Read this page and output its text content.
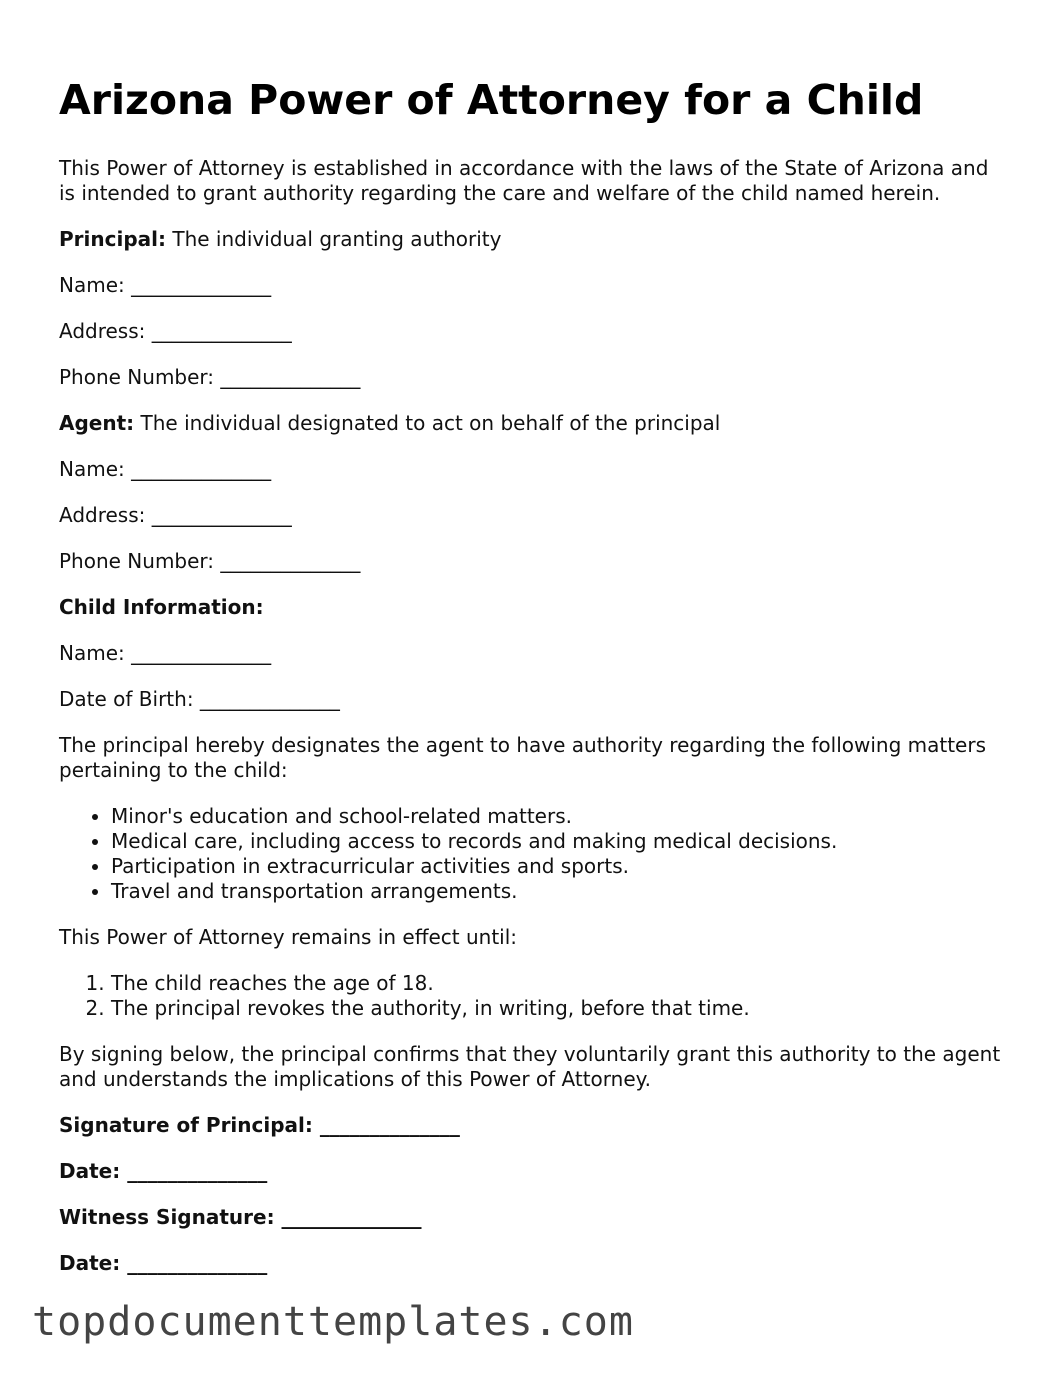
Arizona Power of Attorney for a Child

This Power of Attorney is established in accordance with the laws of the State of Arizona and is intended to grant authority regarding the care and welfare of the child named herein.

Principal: The individual granting authority

Name: ______________

Address: ______________

Phone Number: ______________

Agent: The individual designated to act on behalf of the principal

Name: ______________

Address: ______________

Phone Number: ______________

Child Information:

Name: ______________

Date of Birth: ______________

The principal hereby designates the agent to have authority regarding the following matters pertaining to the child:

• Minor's education and school-related matters.
• Medical care, including access to records and making medical decisions.
• Participation in extracurricular activities and sports.
• Travel and transportation arrangements.

This Power of Attorney remains in effect until:

1. The child reaches the age of 18.
2. The principal revokes the authority, in writing, before that time.

By signing below, the principal confirms that they voluntarily grant this authority to the agent and understands the implications of this Power of Attorney.

Signature of Principal: ______________

Date: ______________

Witness Signature: ______________

Date: ______________

topdocumenttemplates.com
